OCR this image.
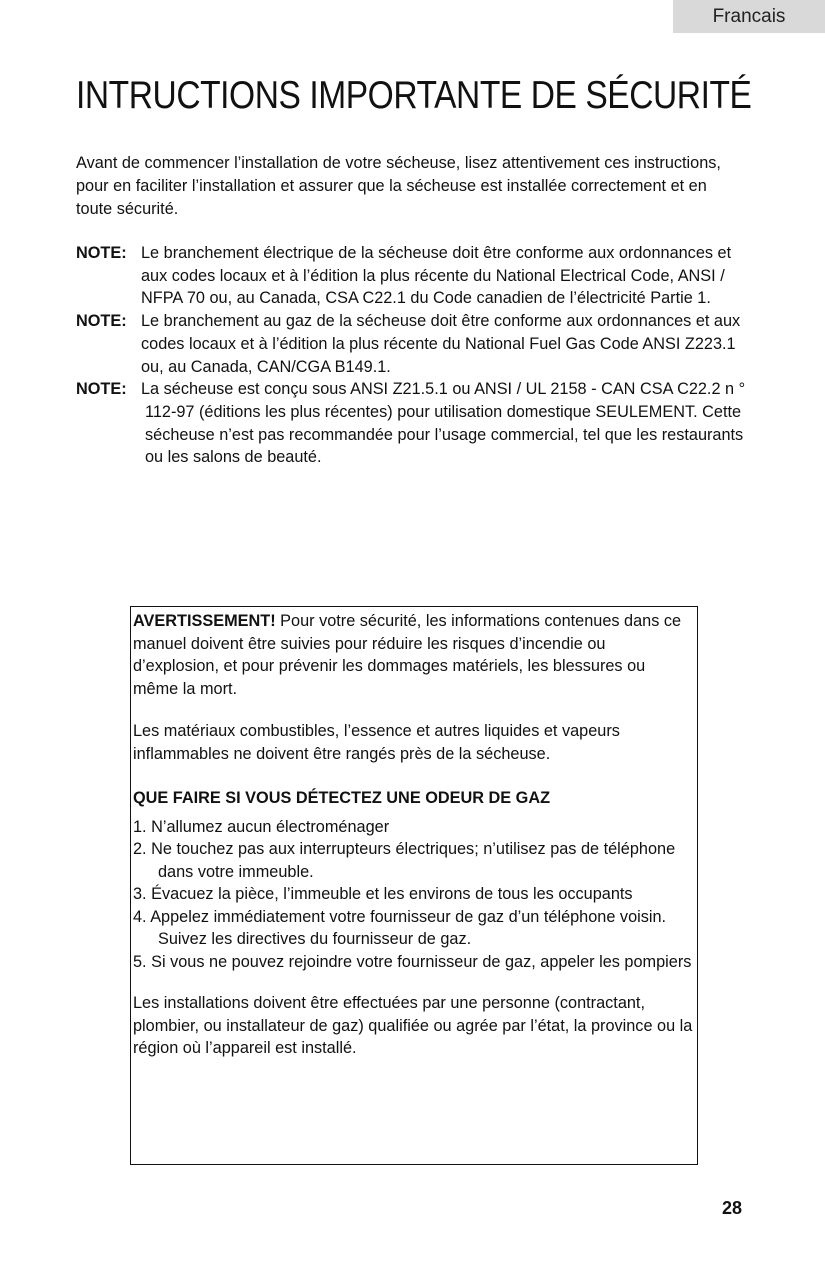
Francais
INTRUCTIONS IMPORTANTE DE SÉCURITÉ

Avant de commencer l’installation de votre sécheuse, lisez attentivement ces instructions, pour en faciliter l’installation et assurer que la sécheuse est installée correctement et en toute sécurité.

NOTE: Le branchement électrique de la sécheuse doit être conforme aux ordonnances et aux codes locaux et à l’édition la plus récente du National Electrical Code, ANSI / NFPA 70 ou, au Canada, CSA C22.1 du Code canadien de l’électricité Partie 1.

NOTE: Le branchement au gaz de la sécheuse doit être conforme aux ordonnances et aux codes locaux et à l’édition la plus récente du National Fuel Gas Code ANSI Z223.1 ou, au Canada, CAN/CGA B149.1.

NOTE: La sécheuse est conçu sous ANSI Z21.5.1 ou ANSI / UL 2158 - CAN CSA C22.2 n ° 112-97 (éditions les plus récentes) pour utilisation domestique SEULEMENT. Cette sécheuse n’est pas recommandée pour l’usage commercial, tel que les restaurants ou les salons de beauté.

AVERTISSEMENT! Pour votre sécurité, les informations contenues dans ce manuel doivent être suivies pour réduire les risques d’incendie ou d’explosion, et pour prévenir les dommages matériels, les blessures ou même la mort.

Les matériaux combustibles, l’essence et autres liquides et vapeurs inflammables ne doivent être rangés près de la sécheuse.

QUE FAIRE SI VOUS DÉTECTEZ UNE ODEUR DE GAZ

1. N’allumez aucun électroménager
2. Ne touchez pas aux interrupteurs électriques; n’utilisez pas de téléphone dans votre immeuble.
3. Évacuez la pièce, l’immeuble et les environs de tous les occupants
4. Appelez immédiatement votre fournisseur de gaz d’un téléphone voisin. Suivez les directives du fournisseur de gaz.
5. Si vous ne pouvez rejoindre votre fournisseur de gaz, appeler les pompiers

Les installations doivent être effectuées par une personne (contractant, plombier, ou installateur de gaz) qualifiée ou agrée par l’état, la province ou la région où l’appareil est installé.

28
